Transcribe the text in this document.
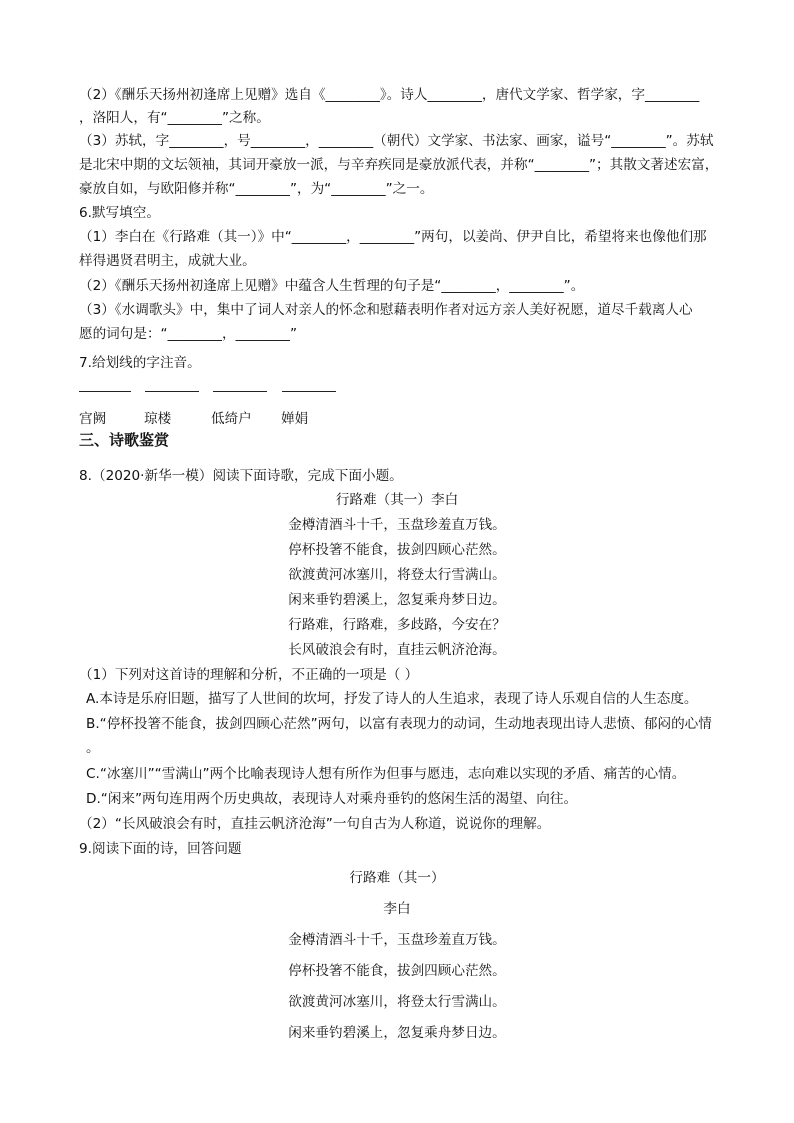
（2）《酬乐天扬州初逢席上见赠》选自《________》。诗人________，唐代文学家、哲学家，字________
，洛阳人，有“________”之称。
（3）苏轼，字________，号________，________（朝代）文学家、书法家、画家，谥号“________”。苏轼
是北宋中期的文坛领袖，其词开豪放一派，与辛弃疾同是豪放派代表，并称“________”；其散文著述宏富，
豪放自如，与欧阳修并称“________”，为“________”之一。
6.默写填空。
（1）李白在《行路难（其一）》中“________，________”两句，以姜尚、伊尹自比，希望将来也像他们那
样得遇贤君明主，成就大业。
（2）《酬乐天扬州初逢席上见赠》中蕴含人生哲理的句子是“________，________”。
（3）《水调歌头》中，集中了词人对亲人的怀念和慰藉表明作者对远方亲人美好祝愿，道尽千载离人心
愿的词句是：“________，________”
7.给划线的字注音。
宫阙	琼楼	低绮户 婵娟
三、诗歌鉴赏
8.（2020·新华一模）阅读下面诗歌，完成下面小题。
行路难（其一）李白
金樽清酒斗十千，玉盘珍羞直万钱。
停杯投箸不能食，拔剑四顾心茫然。
欲渡黄河冰塞川，将登太行雪满山。
闲来垂钓碧溪上，忽复乘舟梦日边。
行路难，行路难，多歧路，今安在？
长风破浪会有时，直挂云帆济沧海。
（1）下列对这首诗的理解和分析，不正确的一项是（ ）
A.本诗是乐府旧题，描写了人世间的坎坷，抒发了诗人的人生追求，表现了诗人乐观自信的人生态度。
B.“停杯投箸不能食，拔剑四顾心茫然”两句，以富有表现力的动词，生动地表现出诗人悲愤、郁闷的心情
。
C.“冰塞川”“雪满山”两个比喻表现诗人想有所作为但事与愿违，志向难以实现的矛盾、痛苦的心情。
D.“闲来”两句连用两个历史典故，表现诗人对乘舟垂钓的悠闲生活的渴望、向往。
（2）“长风破浪会有时，直挂云帆济沧海”一句自古为人称道，说说你的理解。
9.阅读下面的诗，回答问题
行路难（其一）
李白
金樽清酒斗十千，玉盘珍羞直万钱。
停杯投箸不能食，拔剑四顾心茫然。
欲渡黄河冰塞川，将登太行雪满山。
闲来垂钓碧溪上，忽复乘舟梦日边。
